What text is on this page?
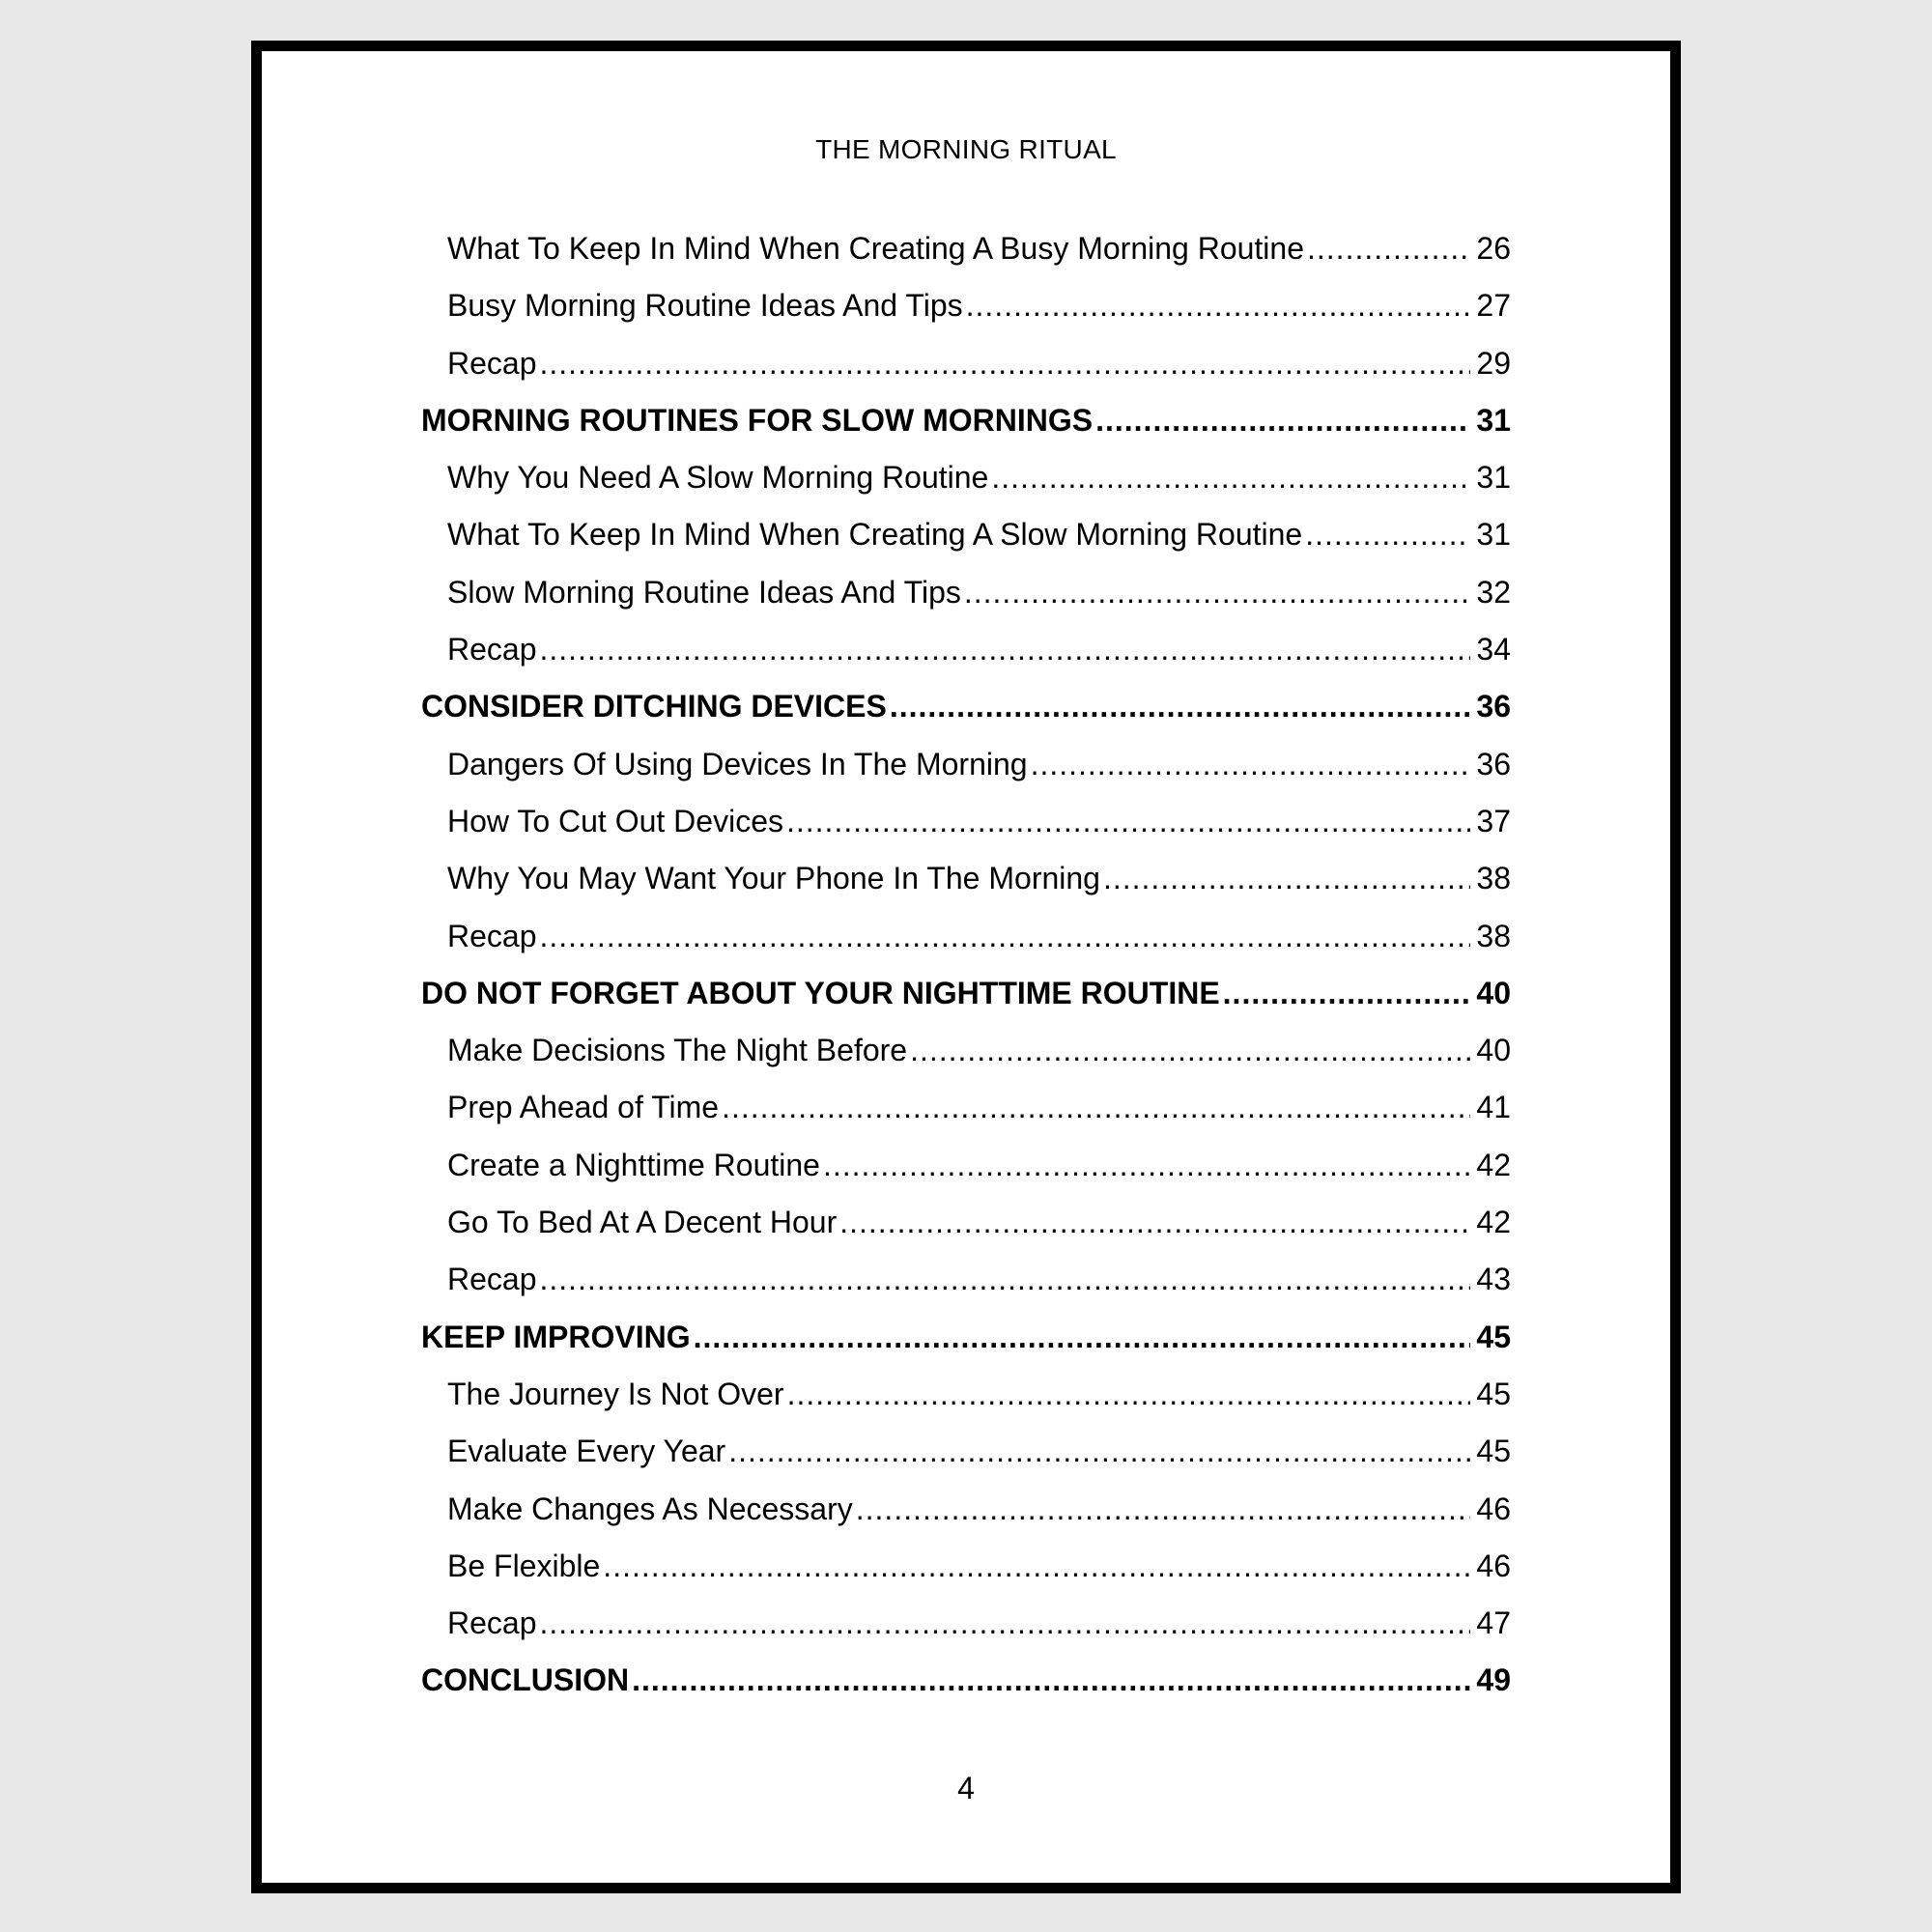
THE MORNING RITUAL
What To Keep In Mind When Creating A Busy Morning Routine .....	26
Busy Morning Routine Ideas And Tips .....	27
Recap .....	29
MORNING ROUTINES FOR SLOW MORNINGS .....	31
Why You Need A Slow Morning Routine .....	31
What To Keep In Mind When Creating A Slow Morning Routine .....	31
Slow Morning Routine Ideas And Tips .....	32
Recap .....	34
CONSIDER DITCHING DEVICES .....	36
Dangers Of Using Devices In The Morning .....	36
How To Cut Out Devices .....	37
Why You May Want Your Phone In The Morning .....	38
Recap .....	38
DO NOT FORGET ABOUT YOUR NIGHTTIME ROUTINE .....	40
Make Decisions The Night Before .....	40
Prep Ahead of Time .....	41
Create a Nighttime Routine .....	42
Go To Bed At A Decent Hour .....	42
Recap .....	43
KEEP IMPROVING .....	45
The Journey Is Not Over .....	45
Evaluate Every Year .....	45
Make Changes As Necessary .....	46
Be Flexible .....	46
Recap .....	47
CONCLUSION .....	49
4
